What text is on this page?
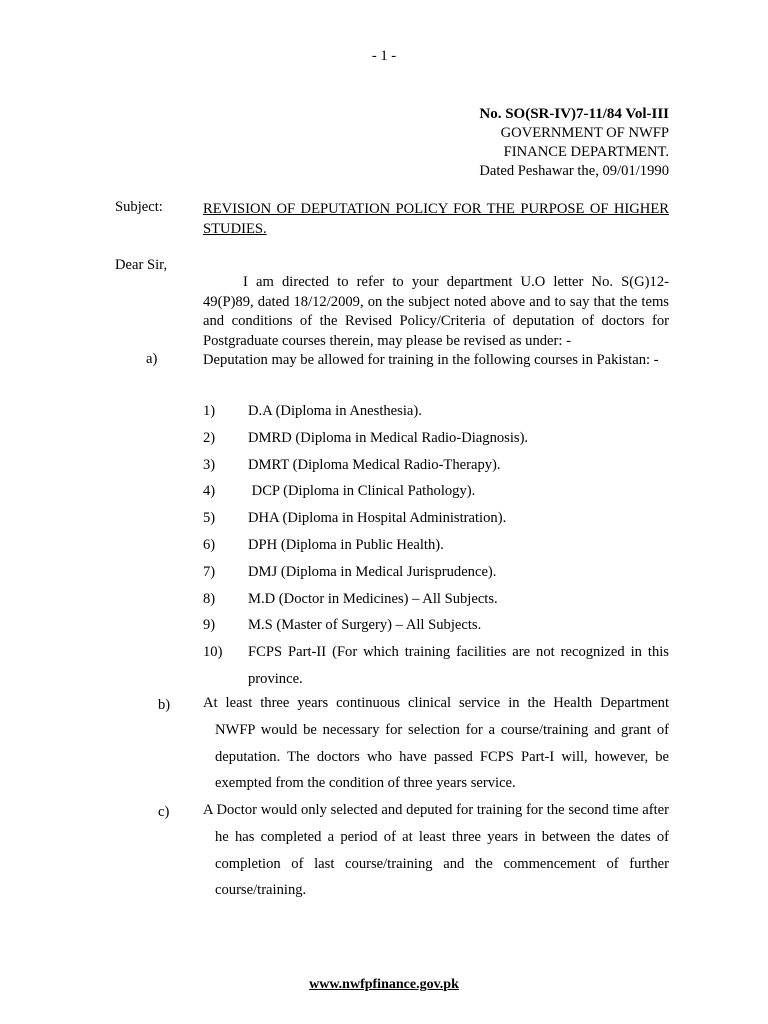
- 1 -
No. SO(SR-IV)7-11/84 Vol-III
GOVERNMENT OF NWFP
FINANCE DEPARTMENT.
Dated Peshawar the, 09/01/1990
Subject:	REVISION OF DEPUTATION POLICY FOR THE PURPOSE OF HIGHER STUDIES.
Dear Sir,

I am directed to refer to your department U.O letter No. S(G)12-49(P)89, dated 18/12/2009, on the subject noted above and to say that the tems and conditions of the Revised Policy/Criteria of deputation of doctors for Postgraduate courses therein, may please be revised as under: -

a)	Deputation may be allowed for training in the following courses in Pakistan: -
1) D.A (Diploma in Anesthesia).
2) DMRD (Diploma in Medical Radio-Diagnosis).
3) DMRT (Diploma Medical Radio-Therapy).
4) DCP (Diploma in Clinical Pathology).
5) DHA (Diploma in Hospital Administration).
6) DPH (Diploma in Public Health).
7) DMJ (Diploma in Medical Jurisprudence).
8) M.D (Doctor in Medicines) – All Subjects.
9) M.S (Master of Surgery) – All Subjects.
10) FCPS Part-II (For which training facilities are not recognized in this province.
b) At least three years continuous clinical service in the Health Department NWFP would be necessary for selection for a course/training and grant of deputation. The doctors who have passed FCPS Part-I will, however, be exempted from the condition of three years service.
c) A Doctor would only selected and deputed for training for the second time after he has completed a period of at least three years in between the dates of completion of last course/training and the commencement of further course/training.
www.nwfpfinance.gov.pk
